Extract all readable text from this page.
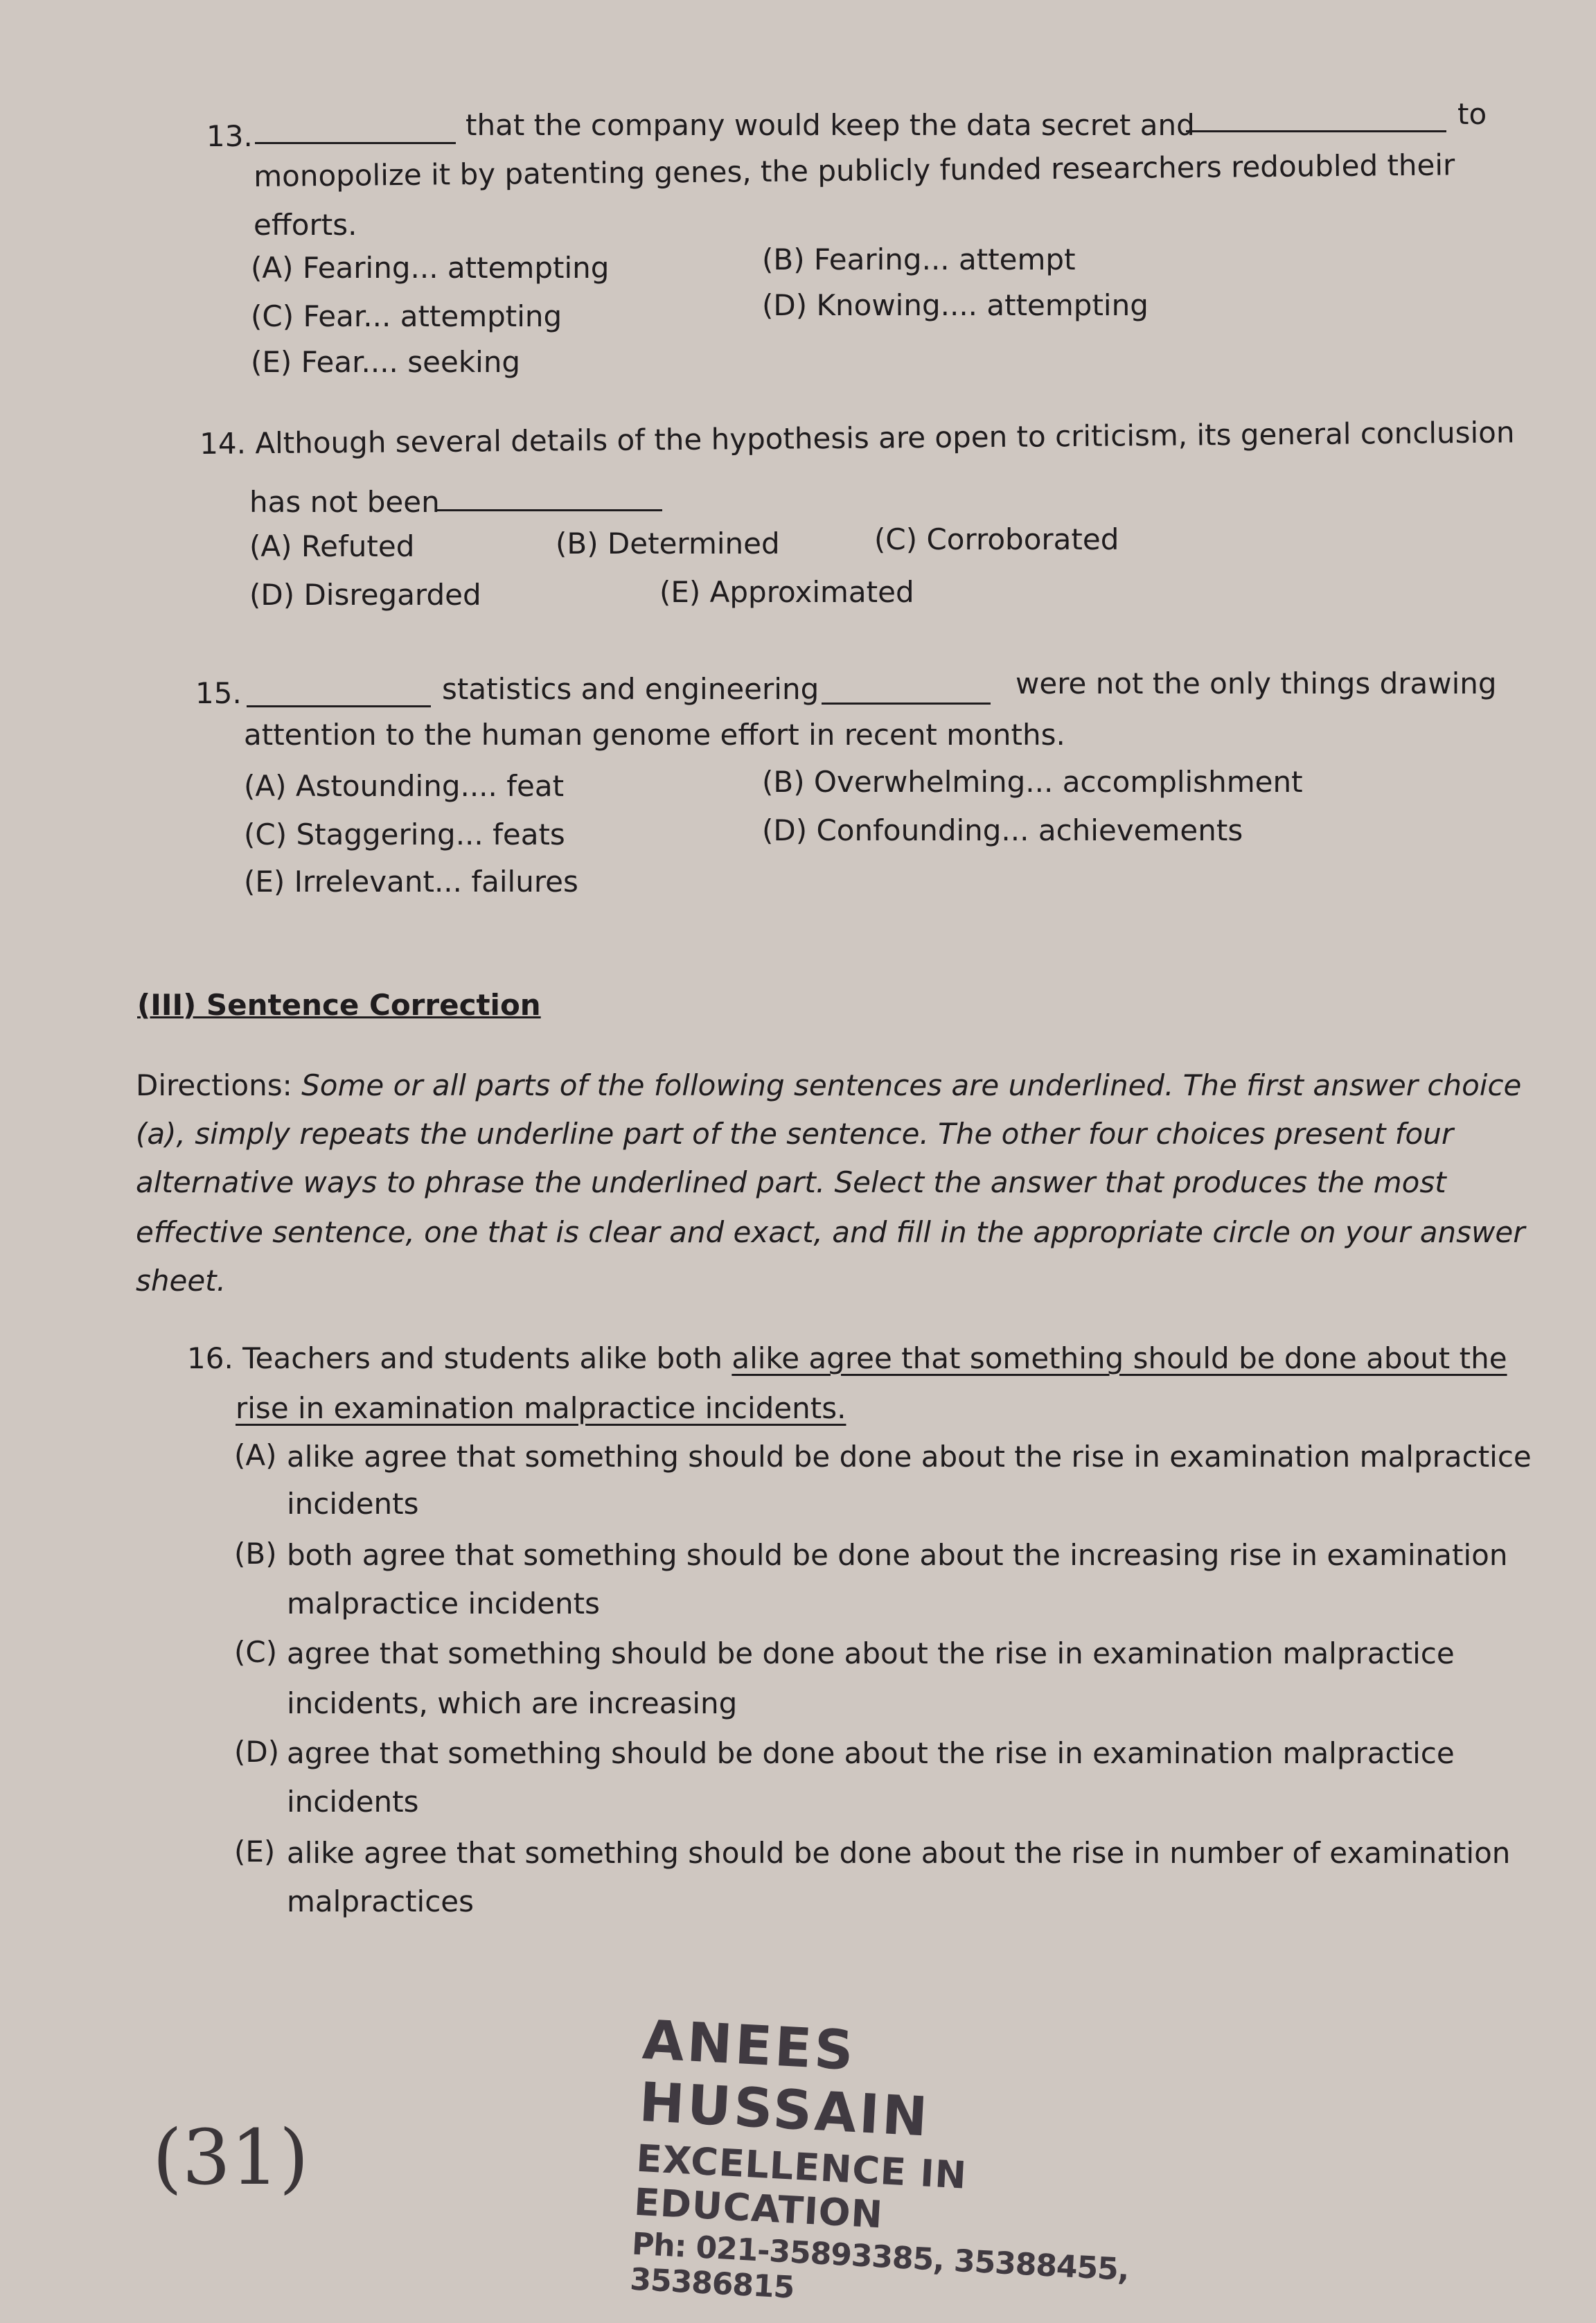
13.	that the company would keep the data secret and	to
monopolize it by patenting genes, the publicly funded researchers redoubled their
efforts.
(A) Fearing... attempting	(B) Fearing... attempt
(C) Fear... attempting	(D) Knowing.... attempting
(E) Fear.... seeking
14. Although several details of the hypothesis are open to criticism, its general conclusion
has not been
(A) Refuted	(B) Determined	(C) Corroborated
(D) Disregarded	(E) Approximated
15.	statistics and engineering	were not the only things drawing
attention to the human genome effort in recent months.
(A) Astounding.... feat	(B) Overwhelming... accomplishment
(C) Staggering... feats	(D) Confounding... achievements
(E) Irrelevant... failures
(III) Sentence Correction
Directions: Some or all parts of the following sentences are underlined. The first answer choice
(a), simply repeats the underline part of the sentence. The other four choices present four
alternative ways to phrase the underlined part. Select the answer that produces the most
effective sentence, one that is clear and exact, and fill in the appropriate circle on your answer
sheet.
16. Teachers and students alike both alike agree that something should be done about the
rise in examination malpractice incidents.
(A) alike agree that something should be done about the rise in examination malpractice
incidents
(B) both agree that something should be done about the increasing rise in examination
malpractice incidents
(C) agree that something should be done about the rise in examination malpractice
incidents, which are increasing
(D) agree that something should be done about the rise in examination malpractice
incidents
(E) alike agree that something should be done about the rise in number of examination
malpractices
ANEES HUSSAIN
EXCELLENCE IN EDUCATION
Ph: 021-35893385, 35388455, 35386815
(31)
